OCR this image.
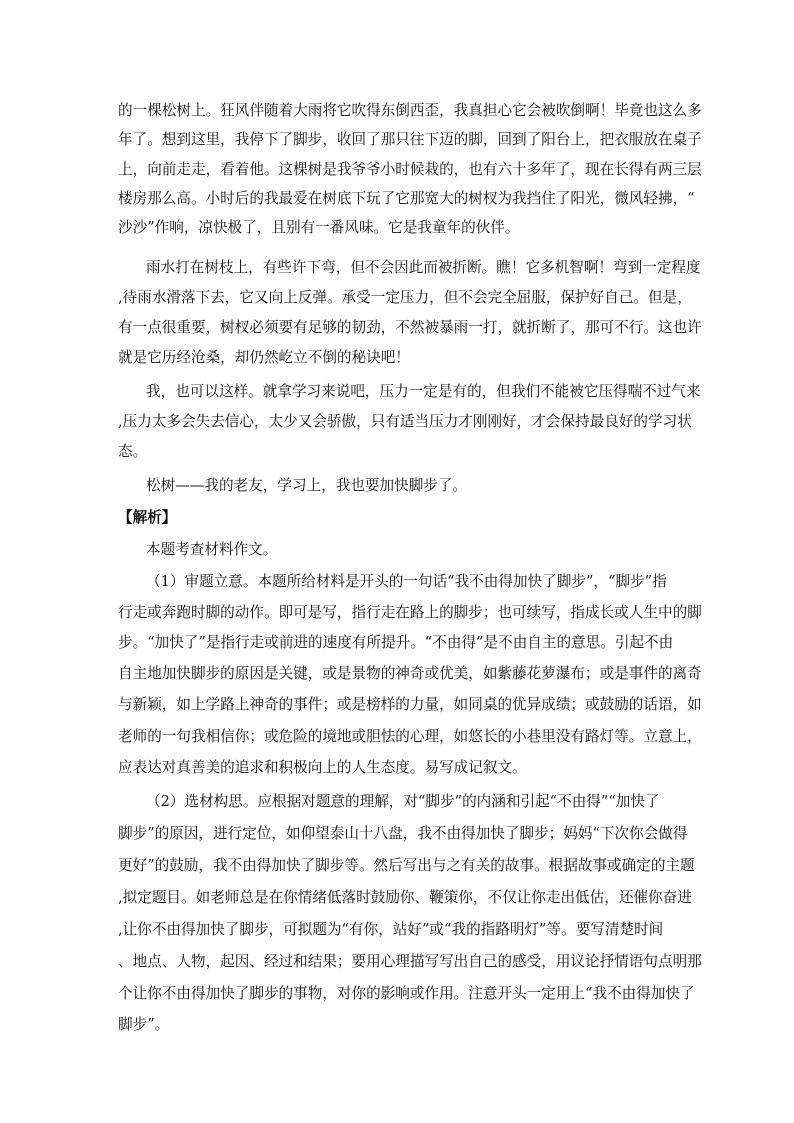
的一棵松树上。狂风伴随着大雨将它吹得东倒西歪，我真担心它会被吹倒啊！毕竟也这么多
年了。想到这里，我停下了脚步，收回了那只往下迈的脚，回到了阳台上，把衣服放在桌子
上，向前走走，看着他。这棵树是我爷爷小时候栽的，也有六十多年了，现在长得有两三层
楼房那么高。小时后的我最爱在树底下玩了它那宽大的树杈为我挡住了阳光，微风轻拂，“
沙沙”作响，凉快极了，且别有一番风味。它是我童年的伙伴。
雨水打在树枝上，有些许下弯，但不会因此而被折断。瞧！它多机智啊！弯到一定程度
,待雨水滑落下去，它又向上反弹。承受一定压力，但不会完全屈服，保护好自己。但是，
有一点很重要，树杈必须要有足够的韧劲，不然被暴雨一打，就折断了，那可不行。这也许
就是它历经沧桑，却仍然屹立不倒的秘诀吧！
我，也可以这样。就拿学习来说吧，压力一定是有的，但我们不能被它压得喘不过气来
,压力太多会失去信心，太少又会骄傲，只有适当压力才刚刚好，才会保持最良好的学习状
态。
松树——我的老友，学习上，我也要加快脚步了。
【解析】
本题考查材料作文。
（1）审题立意。本题所给材料是开头的一句话“我不由得加快了脚步”，“脚步”指
行走或奔跑时脚的动作。即可是写，指行走在路上的脚步；也可续写，指成长或人生中的脚
步。“加快了”是指行走或前进的速度有所提升。“不由得”是不由自主的意思。引起不由
自主地加快脚步的原因是关键，或是景物的神奇或优美，如紫藤花萝瀑布；或是事件的离奇
与新颖，如上学路上神奇的事件；或是榜样的力量，如同桌的优异成绩；或鼓励的话语，如
老师的一句我相信你；或危险的境地或胆怯的心理，如悠长的小巷里没有路灯等。立意上，
应表达对真善美的追求和积极向上的人生态度。易写成记叙文。
（2）选材构思。应根据对题意的理解，对“脚步”的内涵和引起“不由得”“加快了
脚步”的原因，进行定位，如仰望泰山十八盘，我不由得加快了脚步；妈妈“下次你会做得
更好”的鼓励，我不由得加快了脚步等。然后写出与之有关的故事。根据故事或确定的主题
,拟定题目。如老师总是在你情绪低落时鼓励你、鞭策你，不仅让你走出低估，还催你奋进
,让你不由得加快了脚步，可拟题为“有你，站好”或“我的指路明灯”等。要写清楚时间
、地点、人物，起因、经过和结果；要用心理描写写出自己的感受，用议论抒情语句点明那
个让你不由得加快了脚步的事物，对你的影响或作用。注意开头一定用上“我不由得加快了
脚步”。
